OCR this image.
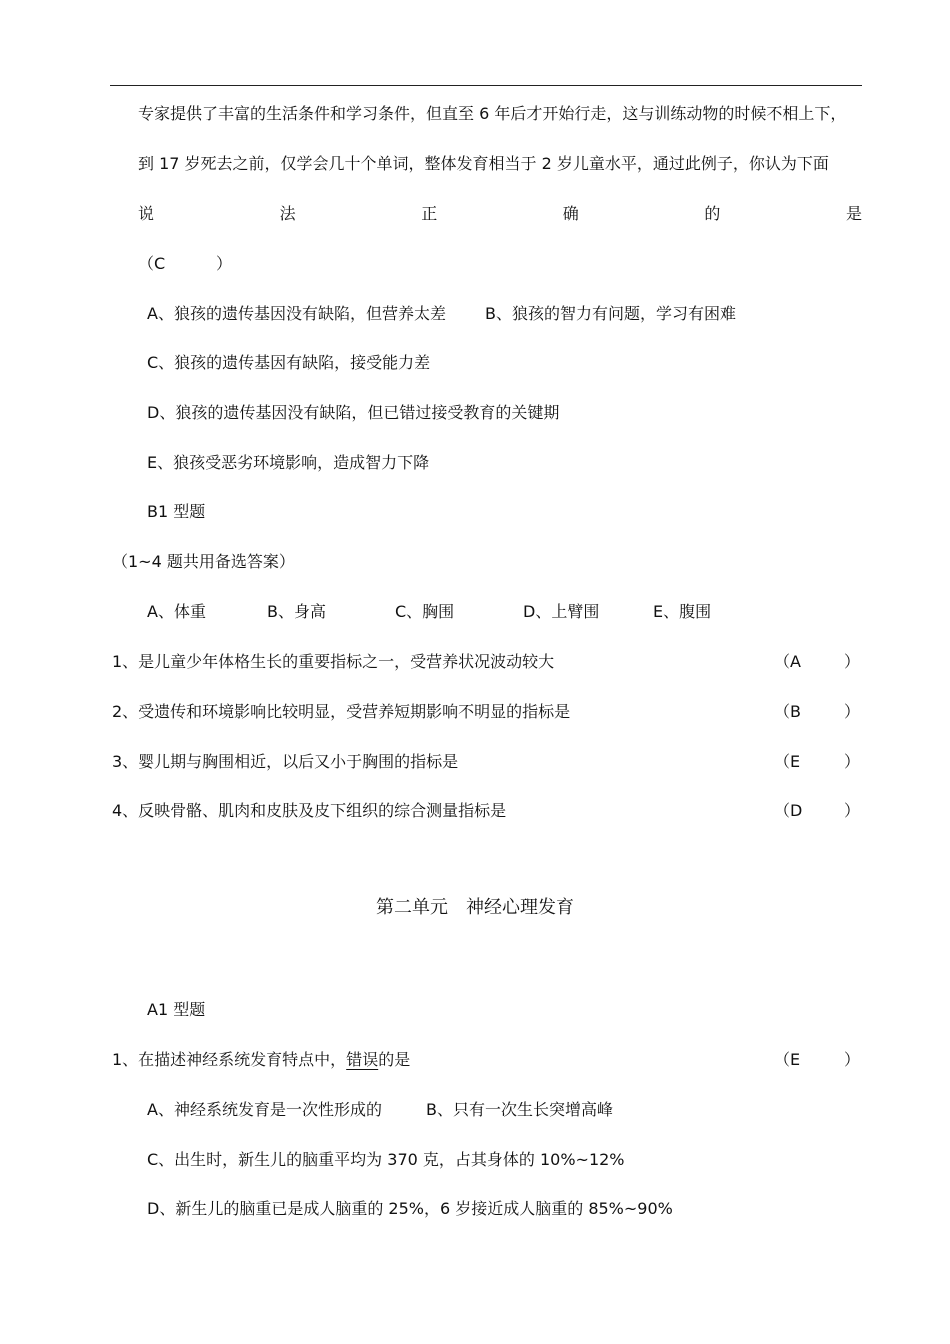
专家提供了丰富的生活条件和学习条件，但直至 6 年后才开始行走，这与训练动物的时候不相上下，
到 17 岁死去之前，仅学会几十个单词，整体发育相当于 2 岁儿童水平，通过此例子，你认为下面
说	法	正	确	的	是
（C	）
A、狼孩的遗传基因没有缺陷，但营养太差 B、狼孩的智力有问题，学习有困难
C、狼孩的遗传基因有缺陷，接受能力差
D、狼孩的遗传基因没有缺陷，但已错过接受教育的关键期
E、狼孩受恶劣环境影响，造成智力下降
B1 型题
（1~4 题共用备选答案）
A、体重	B、身高	C、胸围	D、上臂围	E、腹围
1、是儿童少年体格生长的重要指标之一，受营养状况波动较大	（A	）
2、受遗传和环境影响比较明显，受营养短期影响不明显的指标是	（B	）
3、婴儿期与胸围相近，以后又小于胸围的指标是	（E	）
4、反映骨骼、肌肉和皮肤及皮下组织的综合测量指标是	（D	）
第二单元 神经心理发育
A1 型题
1、在描述神经系统发育特点中，错误的是	（E	）
A、神经系统发育是一次性形成的	B、只有一次生长突增高峰
C、出生时，新生儿的脑重平均为 370 克，占其身体的 10%~12%
D、新生儿的脑重已是成人脑重的 25%，6 岁接近成人脑重的 85%~90%
